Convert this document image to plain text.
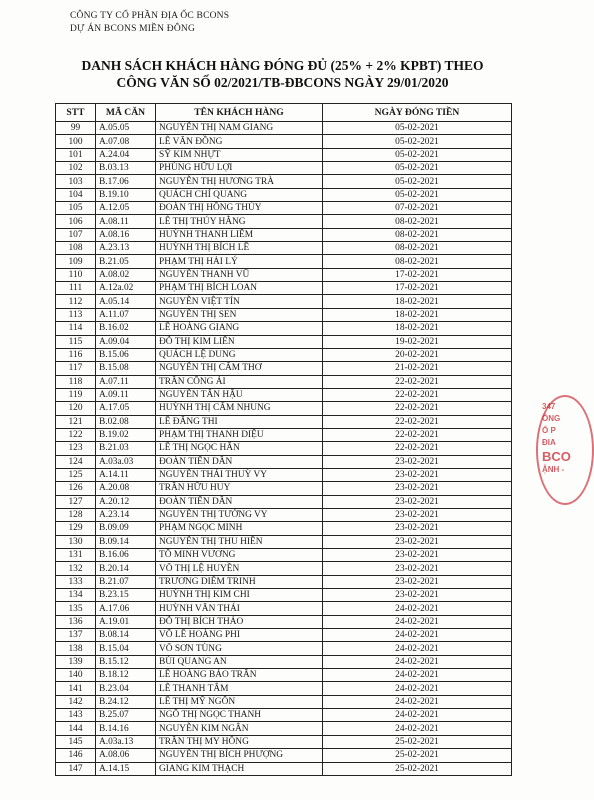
CÔNG TY CỔ PHẦN ĐỊA ỐC BCONS
DỰ ÁN BCONS MIỀN ĐÔNG
DANH SÁCH KHÁCH HÀNG ĐÓNG ĐỦ (25% + 2% KPBT) THEO
CÔNG VĂN SỐ 02/2021/TB-ĐBCONS NGÀY 29/01/2020
STT	MÃ CĂN	TÊN KHÁCH HÀNG	NGÀY ĐÓNG TIỀN
99	A.05.05	NGUYỄN THỊ NAM GIANG	05-02-2021
100	A.07.08	LÊ VĂN ĐỒNG	05-02-2021
101	A.24.04	SỸ KIM NHỰT	05-02-2021
102	B.03.13	PHÙNG HỮU LỢI	05-02-2021
103	B.17.06	NGUYỄN THỊ HƯƠNG TRÀ	05-02-2021
104	B.19.10	QUÁCH CHÍ QUANG	05-02-2021
105	A.12.05	ĐOÀN THỊ HỒNG THỦY	07-02-2021
106	A.08.11	LÊ THỊ THÚY HẰNG	08-02-2021
107	A.08.16	HUỲNH THANH LIÊM	08-02-2021
108	A.23.13	HUỲNH THỊ BÍCH LÊ	08-02-2021
109	B.21.05	PHẠM THỊ HẢI LÝ	08-02-2021
110	A.08.02	NGUYỄN THANH VŨ	17-02-2021
111	A.12a.02	PHẠM THỊ BÍCH LOAN	17-02-2021
112	A.05.14	NGUYỄN VIỆT TÍN	18-02-2021
113	A.11.07	NGUYỄN THỊ SEN	18-02-2021
114	B.16.02	LÊ HOÀNG GIANG	18-02-2021
115	A.09.04	ĐỖ THỊ KIM LIÊN	19-02-2021
116	B.15.06	QUÁCH LỆ DUNG	20-02-2021
117	B.15.08	NGUYỄN THỊ CẨM THƠ	21-02-2021
118	A.07.11	TRẦN CÔNG ÁI	22-02-2021
119	A.09.11	NGUYỄN TẤN HẬU	22-02-2021
120	A.17.05	HUỲNH THỊ CẨM NHUNG	22-02-2021
121	B.02.08	LÊ ĐĂNG THI	22-02-2021
122	B.19.02	PHẠM THỊ THANH DIỆU	22-02-2021
123	B.21.03	LÊ THỊ NGỌC HÂN	22-02-2021
124	A.03a.03	ĐOÀN TIẾN DẦN	23-02-2021
125	A.14.11	NGUYỄN THÁI THUỲ VY	23-02-2021
126	A.20.08	TRẦN HỮU HUY	23-02-2021
127	A.20.12	ĐOÀN TIẾN DẦN	23-02-2021
128	A.23.14	NGUYỄN THỊ TƯỜNG VY	23-02-2021
129	B.09.09	PHẠM NGỌC MINH	23-02-2021
130	B.09.14	NGUYỄN THỊ THU HIỀN	23-02-2021
131	B.16.06	TÔ MINH VƯƠNG	23-02-2021
132	B.20.14	VÕ THỊ LỆ HUYỀN	23-02-2021
133	B.21.07	TRƯƠNG DIỄM TRINH	23-02-2021
134	B.23.15	HUỲNH THỊ KIM CHI	23-02-2021
135	A.17.06	HUỲNH VĂN THÁI	24-02-2021
136	A.19.01	ĐỖ THỊ BÍCH THẢO	24-02-2021
137	B.08.14	VÕ LÊ HOÀNG PHI	24-02-2021
138	B.15.04	VÕ SƠN TÙNG	24-02-2021
139	B.15.12	BÙI QUANG AN	24-02-2021
140	B.18.12	LÊ HOÀNG BẢO TRÂN	24-02-2021
141	B.23.04	LÊ THANH TÂM	24-02-2021
142	B.24.12	LÊ THỊ MỸ NGÔN	24-02-2021
143	B.25.07	NGÔ THỊ NGỌC THANH	24-02-2021
144	B.14.16	NGUYỄN KIM NGÂN	24-02-2021
145	A.03a.13	TRẦN THỊ MY HỒNG	25-02-2021
146	A.08.06	NGUYỄN THỊ BÍCH PHƯỢNG	25-02-2021
147	A.14.15	GIANG KIM THẠCH	25-02-2021
347
ÔNG
Ổ P
ĐIA
BCO
ẬNH -
